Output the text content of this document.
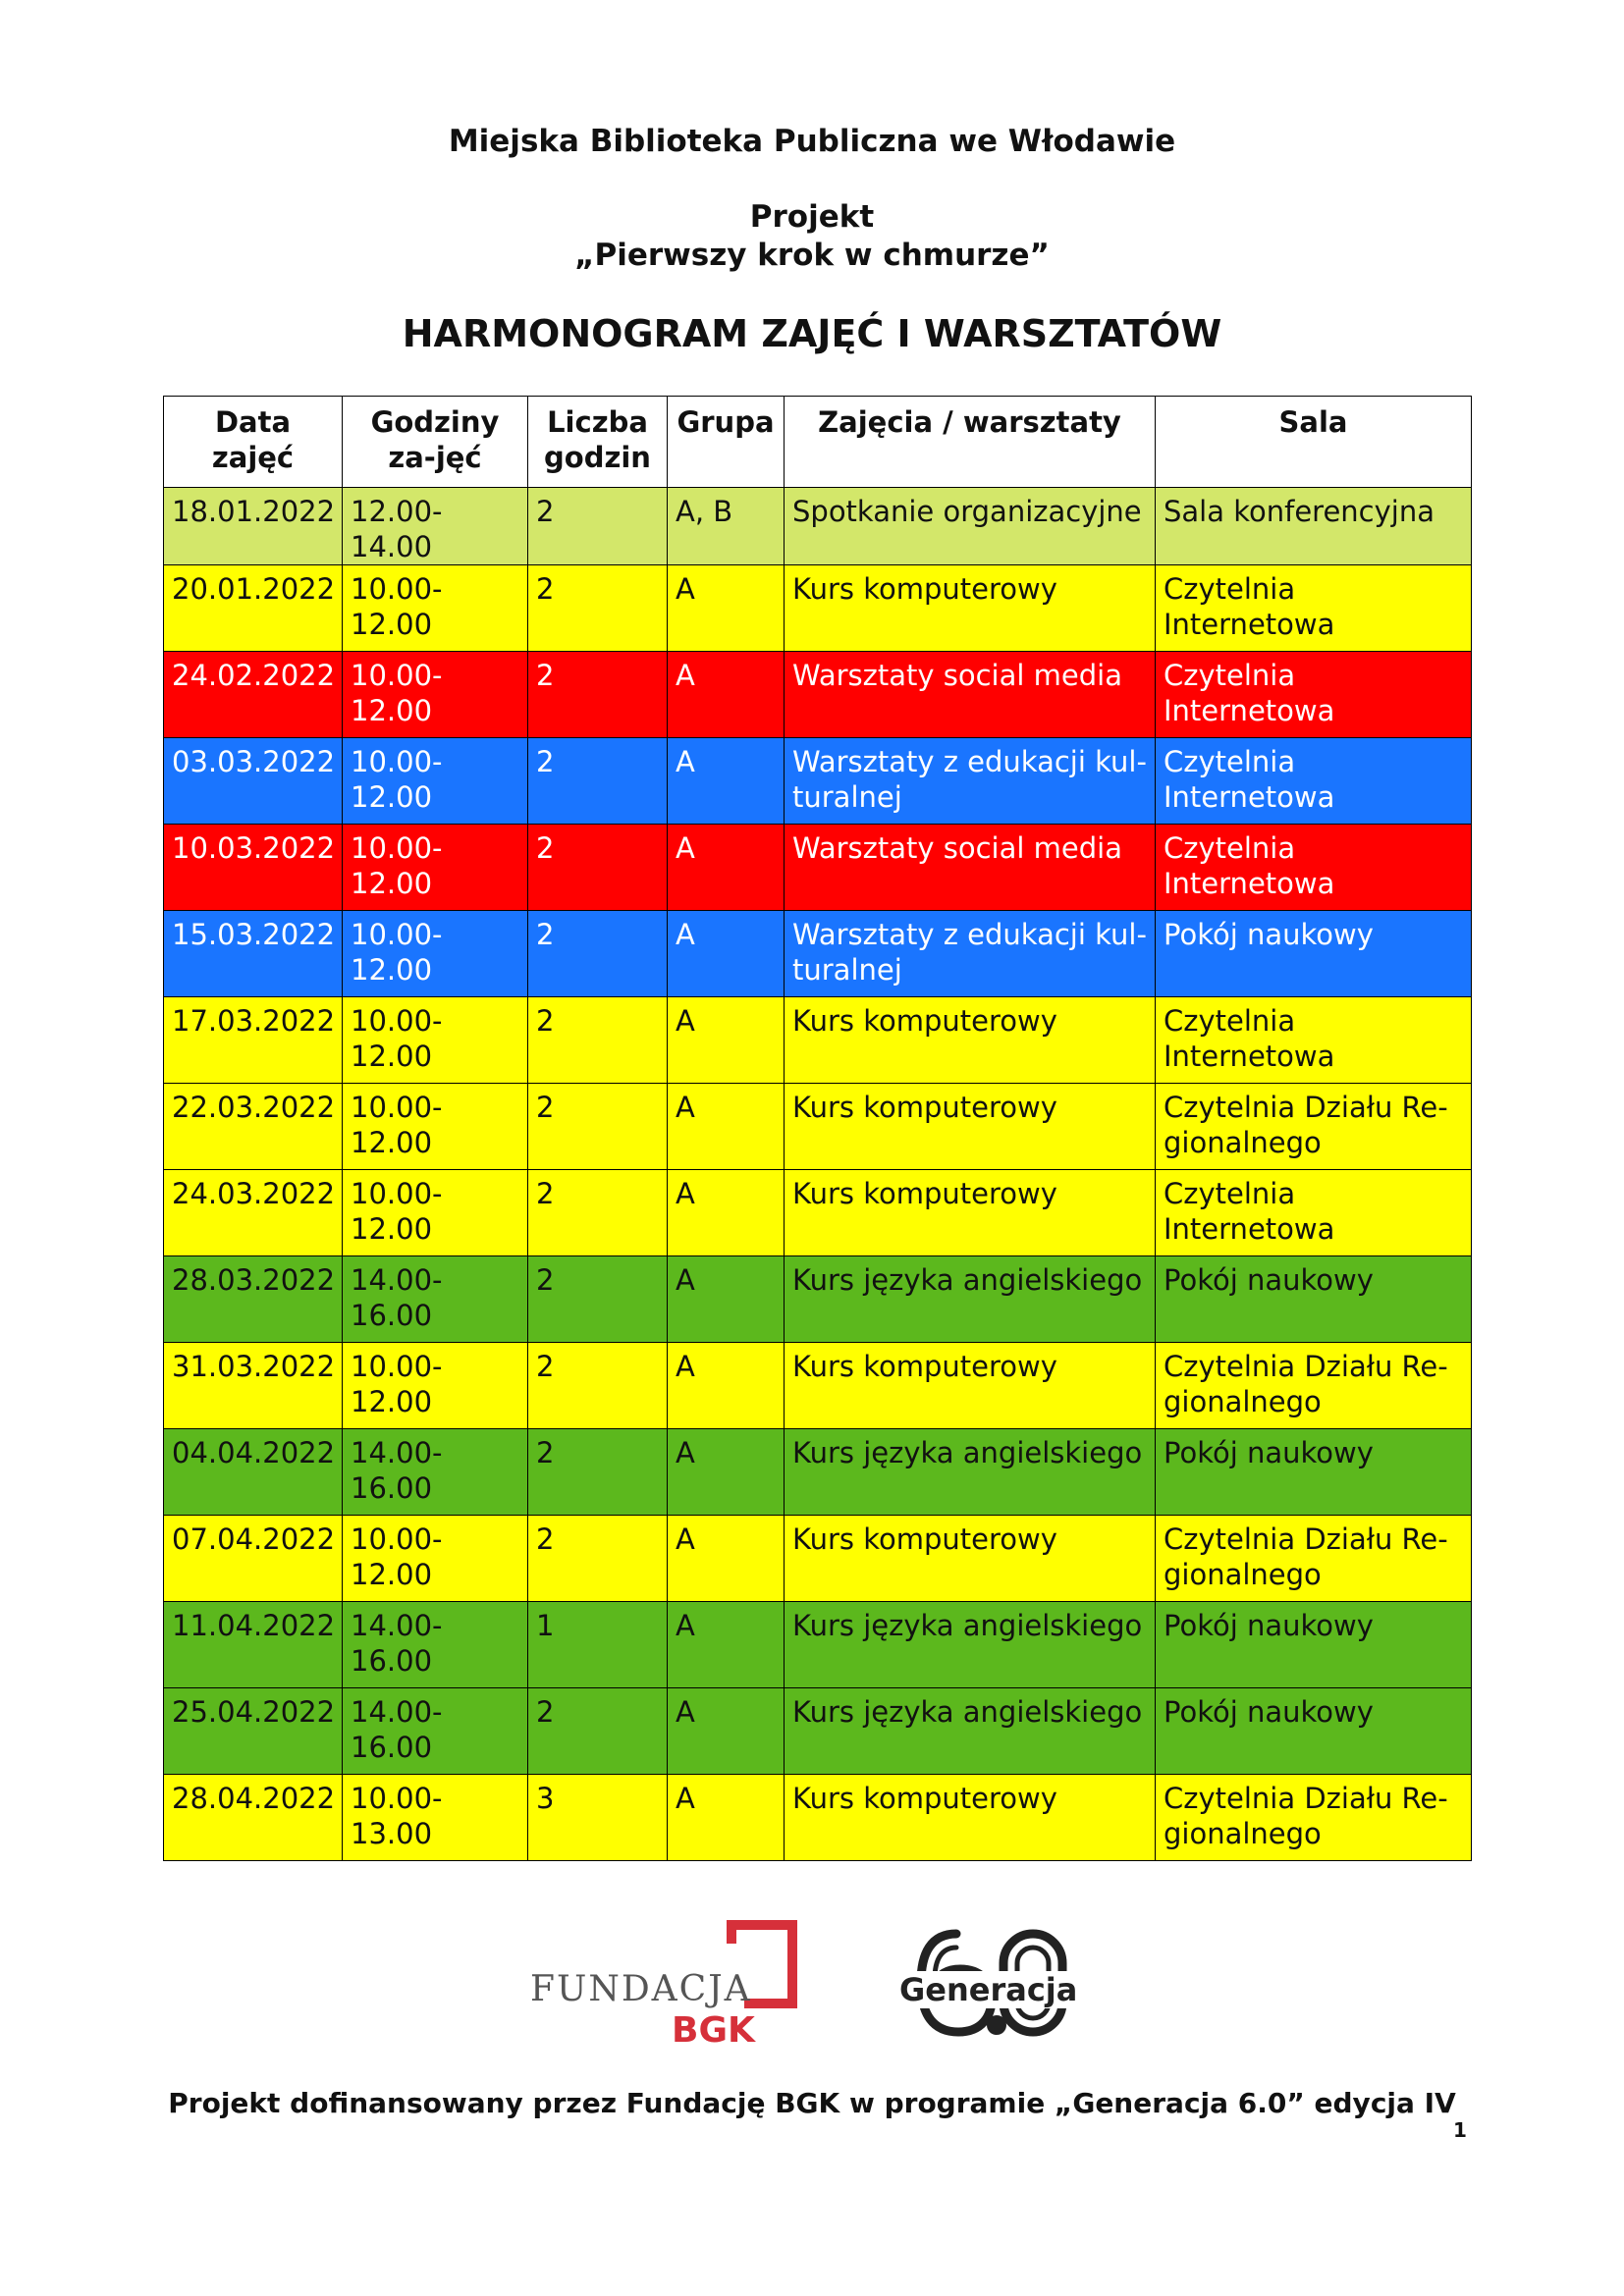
Miejska Biblioteka Publiczna we Włodawie
Projekt
„Pierwszy krok w chmurze”
HARMONOGRAM ZAJĘĆ I WARSZTATÓW
Data zajęć	Godziny za-jęć	Liczba godzin	Grupa	Zajęcia / warsztaty	Sala
18.01.2022	12.00-14.00	2	A, B	Spotkanie organizacyjne	Sala konferencyjna
20.01.2022	10.00-12.00	2	A	Kurs komputerowy	Czytelnia Internetowa
24.02.2022	10.00-12.00	2	A	Warsztaty social media	Czytelnia Internetowa
03.03.2022	10.00-12.00	2	A	Warsztaty z edukacji kul-turalnej	Czytelnia Internetowa
10.03.2022	10.00-12.00	2	A	Warsztaty social media	Czytelnia Internetowa
15.03.2022	10.00-12.00	2	A	Warsztaty z edukacji kul-turalnej	Pokój naukowy
17.03.2022	10.00-12.00	2	A	Kurs komputerowy	Czytelnia Internetowa
22.03.2022	10.00-12.00	2	A	Kurs komputerowy	Czytelnia Działu Re-gionalnego
24.03.2022	10.00-12.00	2	A	Kurs komputerowy	Czytelnia Internetowa
28.03.2022	14.00-16.00	2	A	Kurs języka angielskiego	Pokój naukowy
31.03.2022	10.00-12.00	2	A	Kurs komputerowy	Czytelnia Działu Re-gionalnego
04.04.2022	14.00-16.00	2	A	Kurs języka angielskiego	Pokój naukowy
07.04.2022	10.00-12.00	2	A	Kurs komputerowy	Czytelnia Działu Re-gionalnego
11.04.2022	14.00-16.00	1	A	Kurs języka angielskiego	Pokój naukowy
25.04.2022	14.00-16.00	2	A	Kurs języka angielskiego	Pokój naukowy
28.04.2022	10.00-13.00	3	A	Kurs komputerowy	Czytelnia Działu Re-gionalnego
FUNDACJA
BGK
Generacja
Projekt dofinansowany przez Fundację BGK w programie „Generacja 6.0” edycja IV
1
